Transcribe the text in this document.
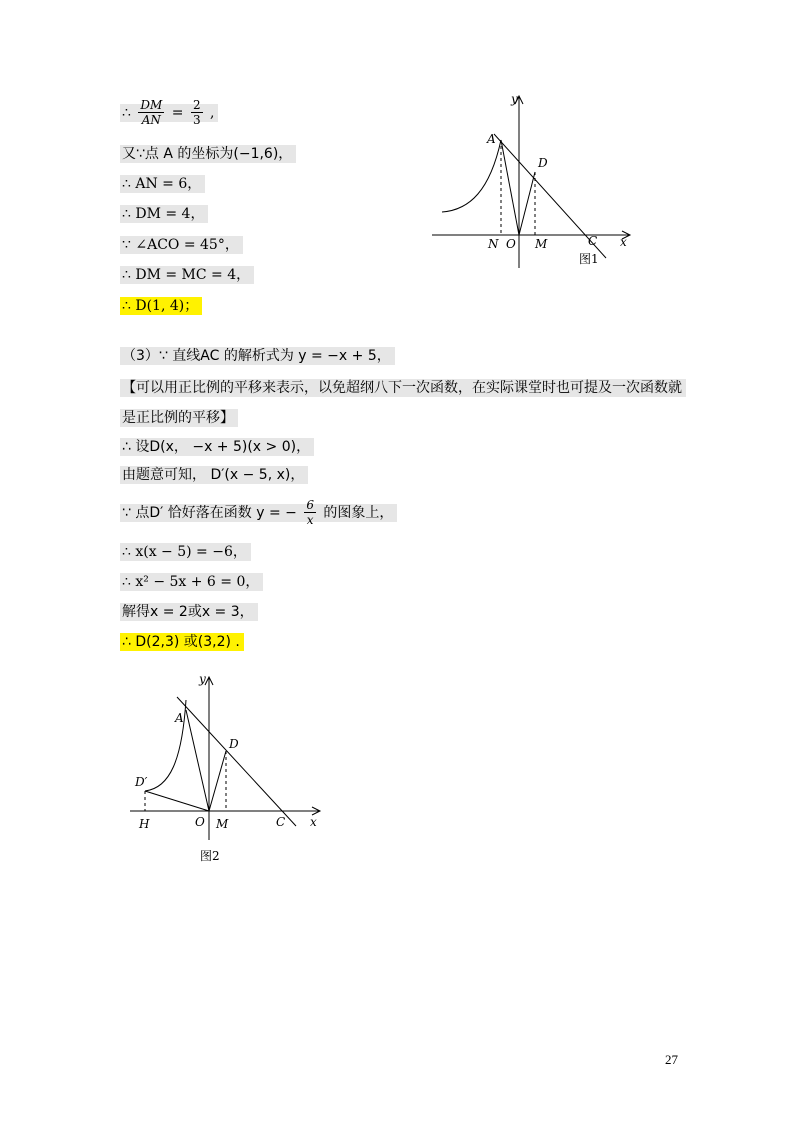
∴ $\frac{DM}{AN} = \frac{2}{3}$ ,
又∵点 A 的坐标为(−1,6)，
∴ AN = 6，
∴ DM = 4，
∵ ∠ACO = 45°，
∴ DM = MC = 4，
∴ D(1, 4)；
（3）∵ 直线AC 的解析式为 y = −x + 5，
【可以用正比例的平移来表示，以免超纲八下一次函数，在实际课堂时也可提及一次函数就
是正比例的平移】
∴ 设D(x， −x + 5)(x > 0)，
由题意可知， D′(x − 5, x)，
∵ 点D′ 恰好落在函数 y = − $\frac{6}{x}$ 的图象上，
∴ x(x − 5) = −6，
∴ x² − 5x + 6 = 0，
解得x = 2或x = 3，
∴ D(2,3) 或(3,2) .
y
x
A
D
N O M	C
图1
y
x
A
D
D′
H	O M	C
图2
27
